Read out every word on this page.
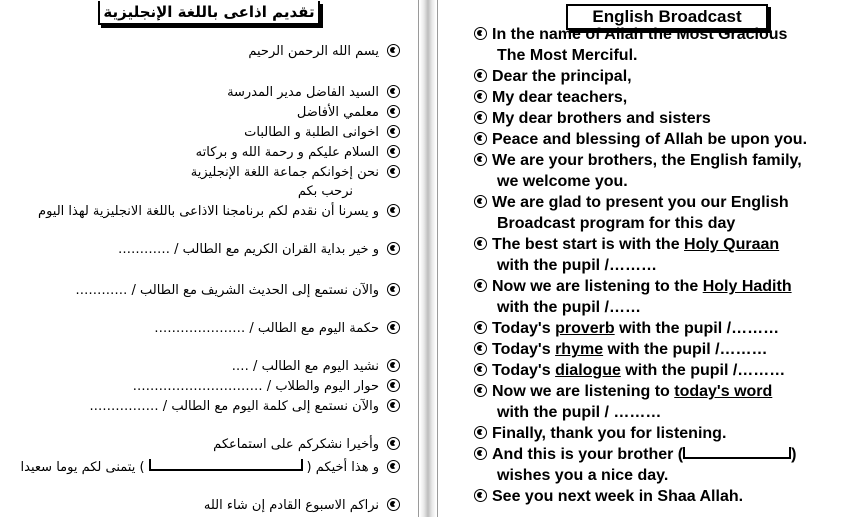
تقديم اذاعى باللغة الإنجليزية
يسم الله الرحمن الرحيم
السيد الفاضل مدير المدرسة
معلمي الأفاضل
اخوانى الطلبة و الطالبات
السلام عليكم و رحمة الله و بركاته
نحن إخوانكم جماعة اللغة الإنجليزية
نرحب بكم
و يسرنا أن نقدم لكم برنامجنا الاذاعى باللغة الانجليزية لهذا اليوم
و خير بداية القران الكريم مع الطالب / …………
والآن نستمع إلى الحديث الشريف مع الطالب / …………
حكمة اليوم مع الطالب / …………………
نشيد اليوم مع الطالب / ….
حوار اليوم والطلاب / …………………………
والآن نستمع إلى كلمة اليوم مع الطالب / …………….
وأخيرا نشكركم على استماعكم
و هذا أخيكم () يتمنى لكم يوما سعيدا
نراكم الاسبوع القادم إن شاء الله
English Broadcast
In the name of Allah the Most Gracious
The Most Merciful.
Dear the principal,
My dear teachers,
My dear brothers and sisters
Peace and blessing of Allah be upon you.
We are your brothers, the English family,
we welcome you.
We are glad to present you our English
Broadcast program for this day
The best start is with the Holy Quraan
with the pupil /………
Now we are listening to the Holy Hadith
with the pupil /……
Today's proverb with the pupil /………
Today's rhyme with the pupil /………
Today's dialogue with the pupil /………
Now we are listening to today's word
with the pupil / ………
Finally, thank you for listening.
And this is your brother (	)
wishes you a nice day.
See you next week in Shaa Allah.
